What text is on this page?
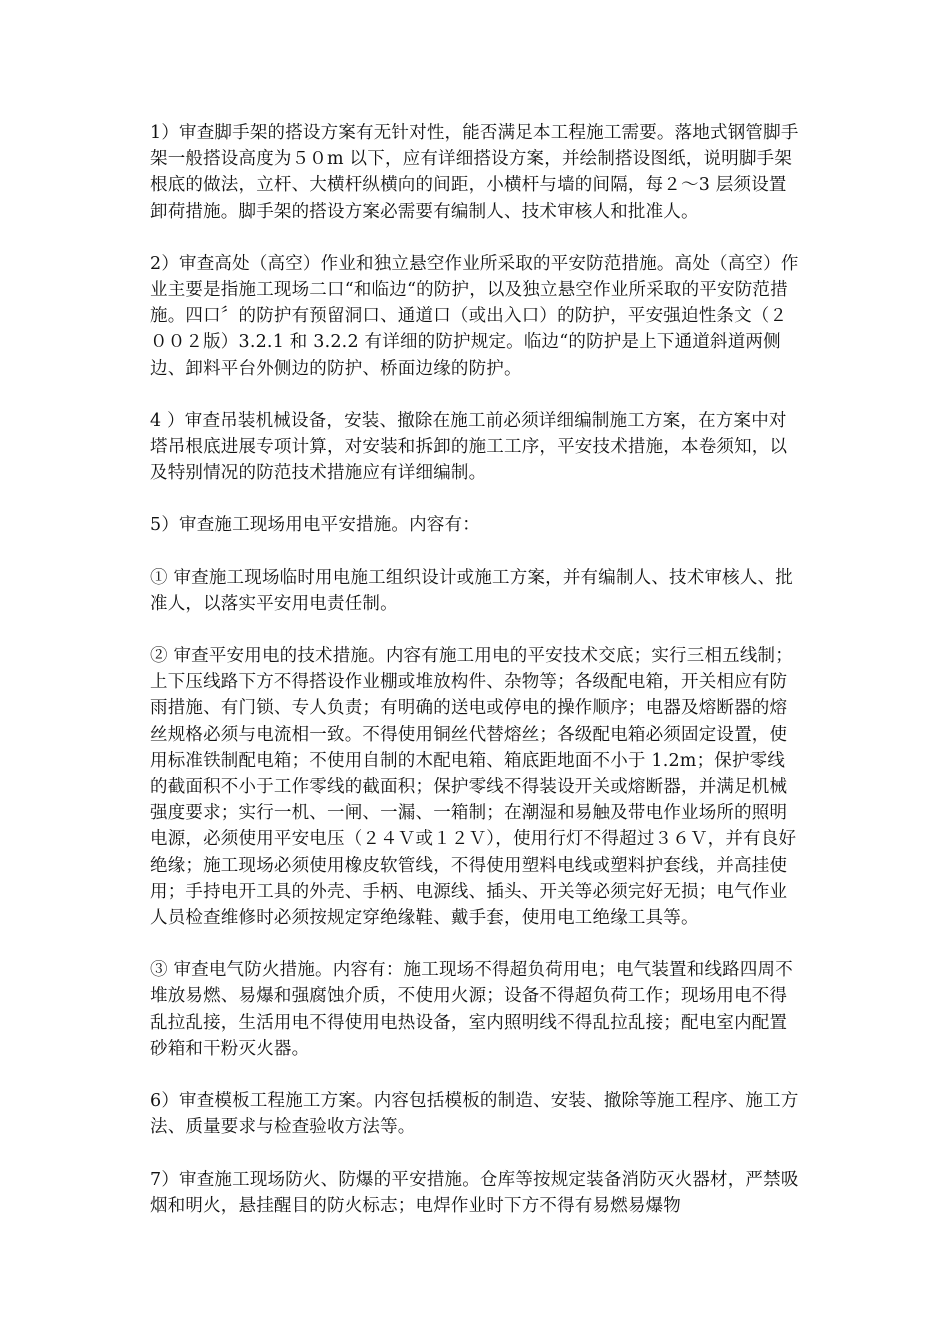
1）审查脚手架的搭设方案有无针对性，能否满足本工程施工需要。落地式钢管脚手架一般搭设高度为５０m 以下，应有详细搭设方案，并绘制搭设图纸，说明脚手架根底的做法，立杆、大横杆纵横向的间距，小横杆与墙的间隔，每２～3 层须设置卸荷措施。脚手架的搭设方案必需要有编制人、技术审核人和批准人。

2）审查高处（高空）作业和独立悬空作业所采取的平安防范措施。高处（高空）作业主要是指施工现场二口“和临边“的防护，以及独立悬空作业所采取的平安防范措施。四口〞的防护有预留洞口、通道口（或出入口）的防护，平安强迫性条文（２００２版）3.2.1 和 3.2.2 有详细的防护规定。临边“的防护是上下通道斜道两侧边、卸料平台外侧边的防护、桥面边缘的防护。

4 ）审查吊装机械设备，安装、撤除在施工前必须详细编制施工方案，在方案中对塔吊根底进展专项计算，对安装和拆卸的施工工序，平安技术措施，本卷须知，以及特别情况的防范技术措施应有详细编制。

5）审查施工现场用电平安措施。内容有：

① 审查施工现场临时用电施工组织设计或施工方案，并有编制人、技术审核人、批准人，以落实平安用电责任制。

② 审查平安用电的技术措施。内容有施工用电的平安技术交底；实行三相五线制；上下压线路下方不得搭设作业棚或堆放构件、杂物等；各级配电箱，开关相应有防雨措施、有门锁、专人负责；有明确的送电或停电的操作顺序；电器及熔断器的熔丝规格必须与电流相一致。不得使用铜丝代替熔丝；各级配电箱必须固定设置，使用标准铁制配电箱；不使用自制的木配电箱、箱底距地面不小于 1.2m；保护零线的截面积不小于工作零线的截面积；保护零线不得装设开关或熔断器，并满足机械强度要求；实行一机、一闸、一漏、一箱制；在潮湿和易触及带电作业场所的照明电源，必须使用平安电压（２４Ｖ或１２Ｖ），使用行灯不得超过３６Ｖ，并有良好绝缘；施工现场必须使用橡皮软管线，不得使用塑料电线或塑料护套线，并高挂使用；手持电开工具的外壳、手柄、电源线、插头、开关等必须完好无损；电气作业人员检查维修时必须按规定穿绝缘鞋、戴手套，使用电工绝缘工具等。

③ 审查电气防火措施。内容有：施工现场不得超负荷用电；电气装置和线路四周不堆放易燃、易爆和强腐蚀介质，不使用火源；设备不得超负荷工作；现场用电不得乱拉乱接，生活用电不得使用电热设备，室内照明线不得乱拉乱接；配电室内配置砂箱和干粉灭火器。

6）审查模板工程施工方案。内容包括模板的制造、安装、撤除等施工程序、施工方法、质量要求与检查验收方法等。

7）审查施工现场防火、防爆的平安措施。仓库等按规定装备消防灭火器材，严禁吸烟和明火，悬挂醒目的防火标志；电焊作业时下方不得有易燃易爆物
